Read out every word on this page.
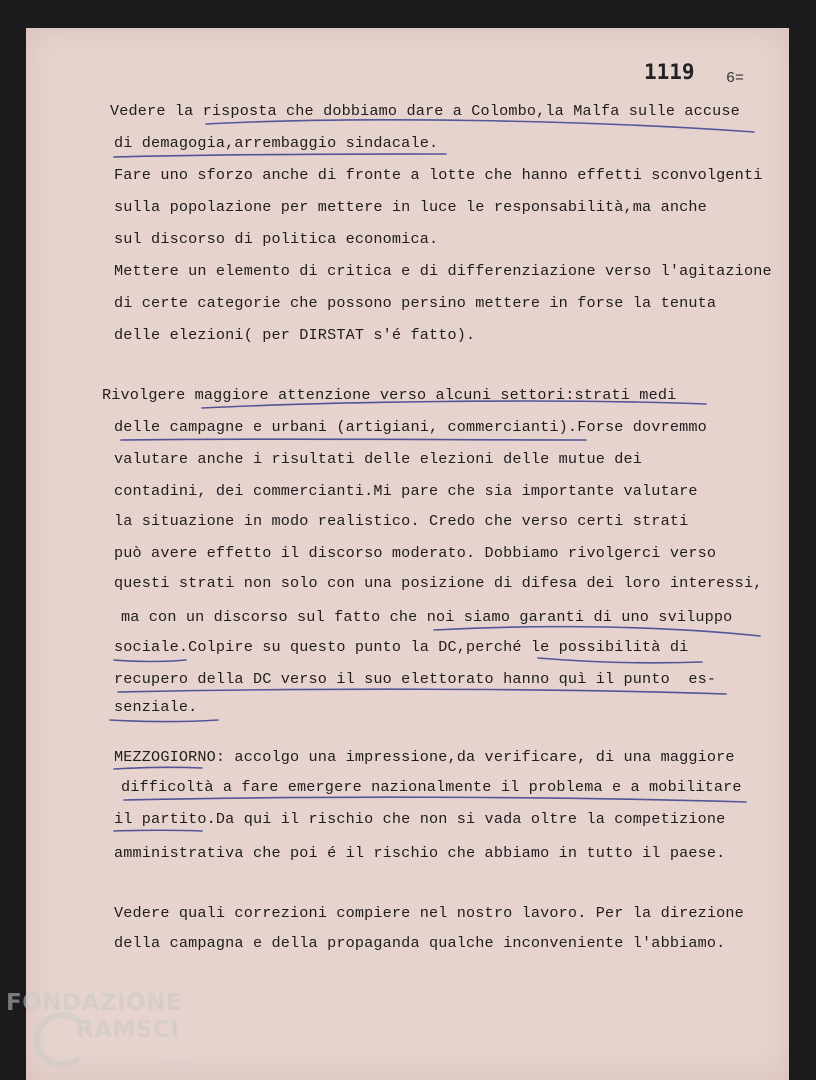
1119 6=
Vedere la risposta che dobbiamo dare a Colombo,la Malfa sulle accuse
di demagogia,arrembaggio sindacale.
Fare uno sforzo anche di fronte a lotte che hanno effetti sconvolgenti
sulla popolazione per mettere in luce le responsabilità,ma anche
sul discorso di politica economica.
Mettere un elemento di critica e di differenziazione verso l'agitazione
di certe categorie che possono persino mettere in forse la tenuta
delle elezioni( per DIRSTAT s'é fatto).
Rivolgere maggiore attenzione verso alcuni settori:strati medi
delle campagne e urbani (artigiani, commercianti).Forse dovremmo
valutare anche i risultati delle elezioni delle mutue dei
contadini, dei commercianti.Mi pare che sia importante valutare
la situazione in modo realistico. Credo che verso certi strati
può avere effetto il discorso moderato. Dobbiamo rivolgerci verso
questi strati non solo con una posizione di difesa dei loro interessi,
ma con un discorso sul fatto che noi siamo garanti di uno sviluppo
sociale.Colpire su questo punto la DC,perché le possibilità di
recupero della DC verso il suo elettorato hanno quì il punto  es-
senziale.
MEZZOGIORNO: accolgo una impressione,da verificare, di una maggiore
difficoltà a fare emergere nazionalmente il problema e a mobilitare
il partito.Da qui il rischio che non si vada oltre la competizione
amministrativa che poi é il rischio che abbiamo in tutto il paese.
Vedere quali correzioni compiere nel nostro lavoro. Per la direzione
della campagna e della propaganda qualche inconveniente l'abbiamo.
FONDAZIONE
RAMSCI
onlus
